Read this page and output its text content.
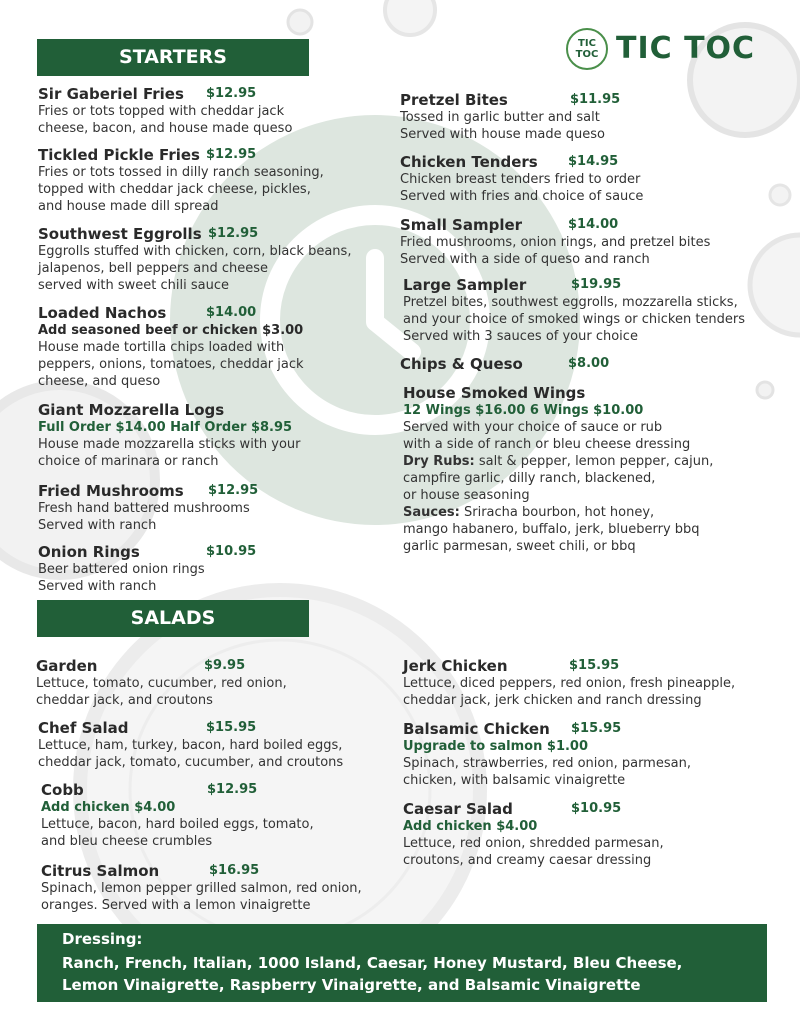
TIC
TOC TIC TOC
STARTERS
Sir Gaberiel Fries	$12.95
Fries or tots topped with cheddar jack
cheese, bacon, and house made queso
Tickled Pickle Fries $12.95
Fries or tots tossed in dilly ranch seasoning,
topped with cheddar jack cheese, pickles,
and house made dill spread
Southwest Eggrolls $12.95
Eggrolls stuffed with chicken, corn, black beans,
jalapenos, bell peppers and cheese
served with sweet chili sauce
Loaded Nachos	$14.00
Add seasoned beef or chicken $3.00
House made tortilla chips loaded with
peppers, onions, tomatoes, cheddar jack
cheese, and queso
Giant Mozzarella Logs
Full Order $14.00 Half Order $8.95
House made mozzarella sticks with your
choice of marinara or ranch
Fried Mushrooms	$12.95
Fresh hand battered mushrooms
Served with ranch
Onion Rings	$10.95
Beer battered onion rings
Served with ranch
Pretzel Bites	$11.95
Tossed in garlic butter and salt
Served with house made queso
Chicken Tenders	$14.95
Chicken breast tenders fried to order
Served with fries and choice of sauce
Small Sampler	$14.00
Fried mushrooms, onion rings, and pretzel bites
Served with a side of queso and ranch
Large Sampler	$19.95
Pretzel bites, southwest eggrolls, mozzarella sticks,
and your choice of smoked wings or chicken tenders
Served with 3 sauces of your choice
Chips & Queso	$8.00
House Smoked Wings
12 Wings $16.00 6 Wings $10.00
Served with your choice of sauce or rub
with a side of ranch or bleu cheese dressing
Dry Rubs: salt & pepper, lemon pepper, cajun,
campfire garlic, dilly ranch, blackened,
or house seasoning
Sauces: Sriracha bourbon, hot honey,
mango habanero, buffalo, jerk, blueberry bbq
garlic parmesan, sweet chili, or bbq
SALADS
Garden	$9.95
Lettuce, tomato, cucumber, red onion,
cheddar jack, and croutons
Chef Salad	$15.95
Lettuce, ham, turkey, bacon, hard boiled eggs,
cheddar jack, tomato, cucumber, and croutons
Cobb	$12.95
Add chicken $4.00
Lettuce, bacon, hard boiled eggs, tomato,
and bleu cheese crumbles
Citrus Salmon	$16.95
Spinach, lemon pepper grilled salmon, red onion,
oranges. Served with a lemon vinaigrette
Jerk Chicken	$15.95
Lettuce, diced peppers, red onion, fresh pineapple,
cheddar jack, jerk chicken and ranch dressing
Balsamic Chicken	$15.95
Upgrade to salmon $1.00
Spinach, strawberries, red onion, parmesan,
chicken, with balsamic vinaigrette
Caesar Salad	$10.95
Add chicken $4.00
Lettuce, red onion, shredded parmesan,
croutons, and creamy caesar dressing
Dressing:
Ranch, French, Italian, 1000 Island, Caesar, Honey Mustard, Bleu Cheese,
Lemon Vinaigrette, Raspberry Vinaigrette, and Balsamic Vinaigrette
